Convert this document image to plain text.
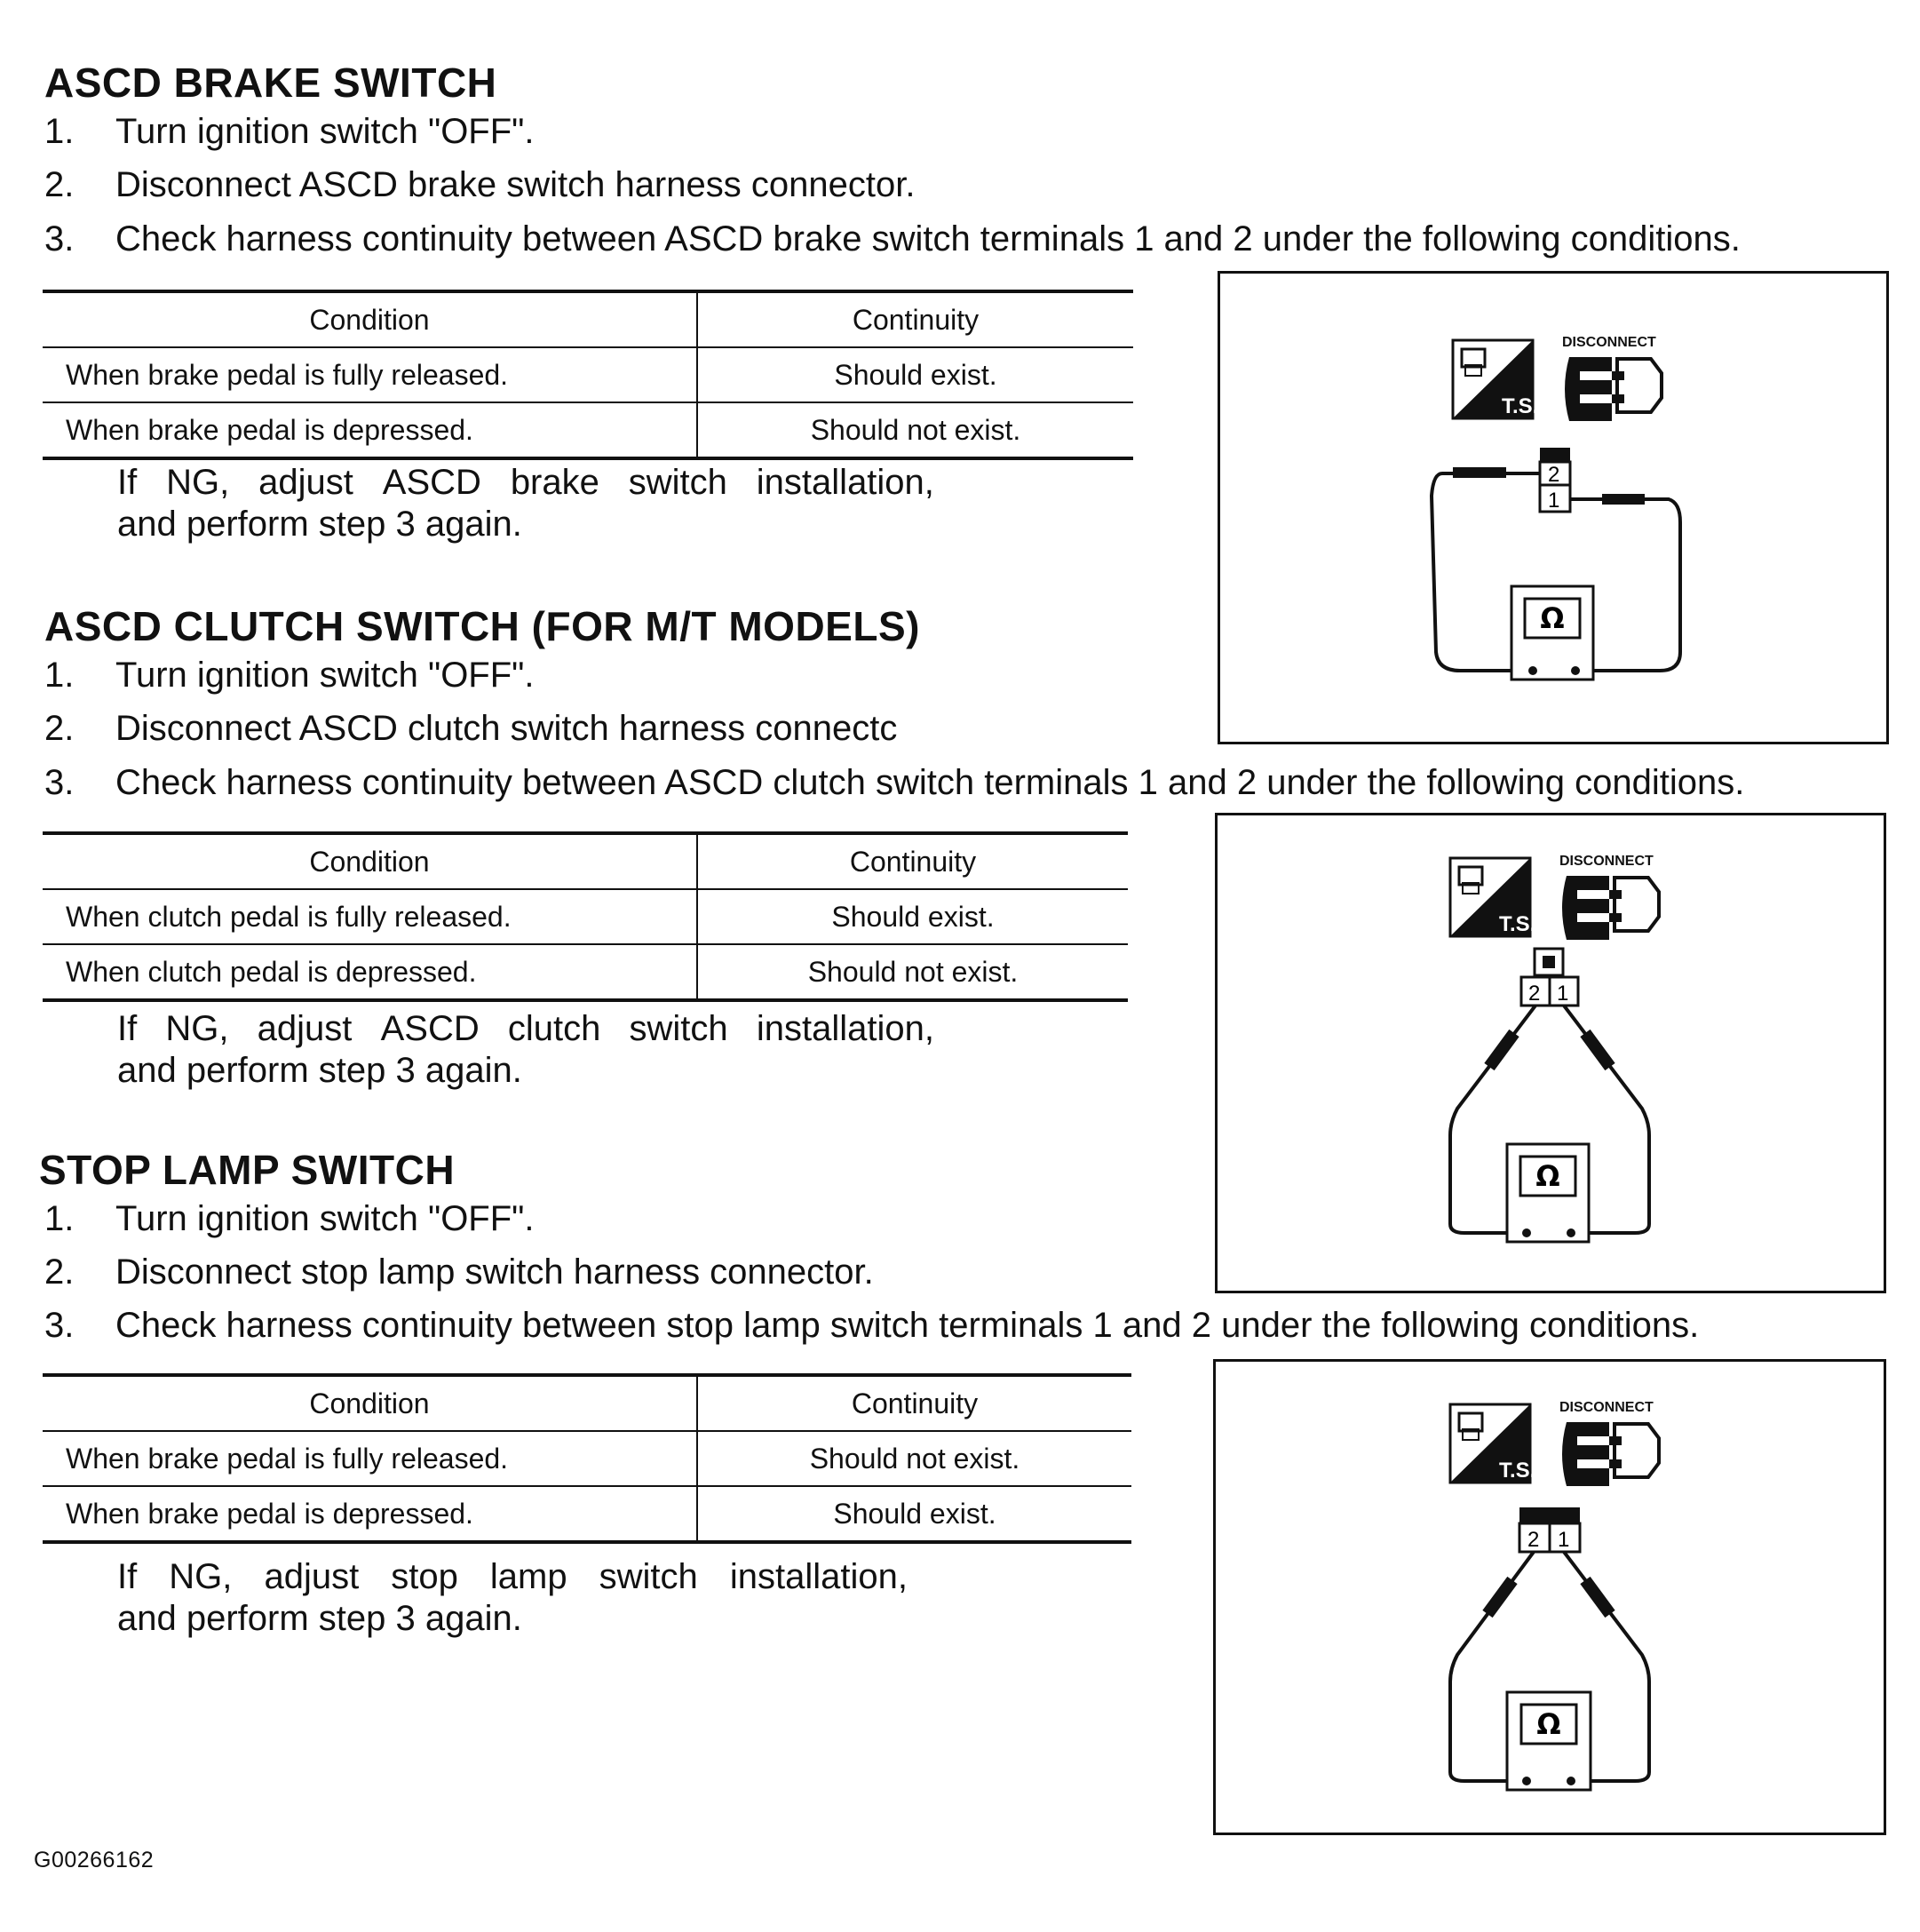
ASCD BRAKE SWITCH
1. Turn ignition switch "OFF".
2. Disconnect ASCD brake switch harness connector.
3. Check harness continuity between ASCD brake switch terminals 1 and 2 under the following conditions.
Condition	Continuity
When brake pedal is fully released.	Should exist.
When brake pedal is depressed.	Should not exist.
If NG, adjust ASCD brake switch installation,
and perform step 3 again.
T.S.
DISCONNECT
2
1
Ω
ASCD CLUTCH SWITCH (FOR M/T MODELS)
1. Turn ignition switch "OFF".
2. Disconnect ASCD clutch switch harness connectc
3. Check harness continuity between ASCD clutch switch terminals 1 and 2 under the following conditions.
Condition	Continuity
When clutch pedal is fully released.	Should exist.
When clutch pedal is depressed.	Should not exist.
If NG, adjust ASCD clutch switch installation,
and perform step 3 again.
T.S.
DISCONNECT
2 1
Ω
STOP LAMP SWITCH
1. Turn ignition switch "OFF".
2. Disconnect stop lamp switch harness connector.
3. Check harness continuity between stop lamp switch terminals 1 and 2 under the following conditions.
Condition	Continuity
When brake pedal is fully released.	Should not exist.
When brake pedal is depressed.	Should exist.
If NG, adjust stop lamp switch installation,
and perform step 3 again.
T.S.
DISCONNECT
2 1
Ω
G00266162
